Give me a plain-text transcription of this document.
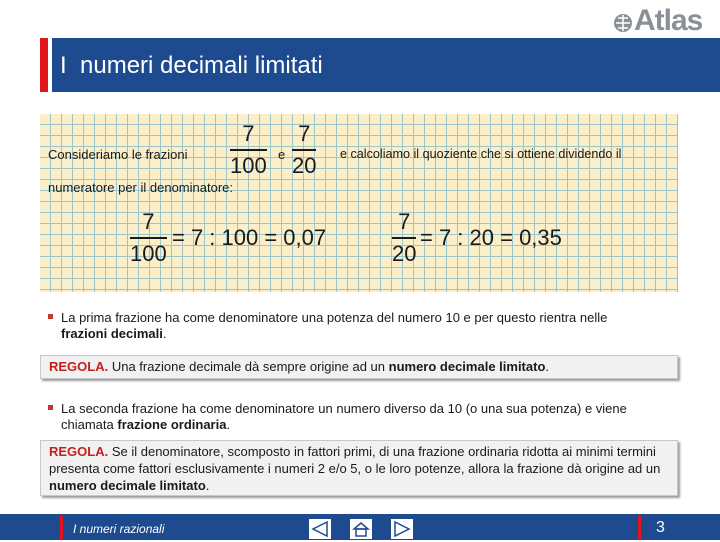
Atlas
I  numeri decimali limitati
Consideriamo le frazioni
7
100 e
7
20 e calcoliamo il quoziente che si ottiene dividendo il
numeratore per il denominatore:
7
100
= 7 : 100 = 0,07
7
20
= 7 : 20 = 0,35
La prima frazione ha come denominatore una potenza del numero 10 e per questo rientra nelle
frazioni decimali.
REGOLA. Una frazione decimale dà sempre origine ad un numero decimale limitato.
La seconda frazione ha come denominatore un numero diverso da 10 (o una sua potenza) e viene
chiamata frazione ordinaria.
REGOLA. Se il denominatore, scomposto in fattori primi, di una frazione ordinaria ridotta ai minimi termini presenta come fattori esclusivamente i numeri 2 e/o 5, o le loro potenze, allora la frazione dà origine ad un numero decimale limitato.
I numeri razionali	3
